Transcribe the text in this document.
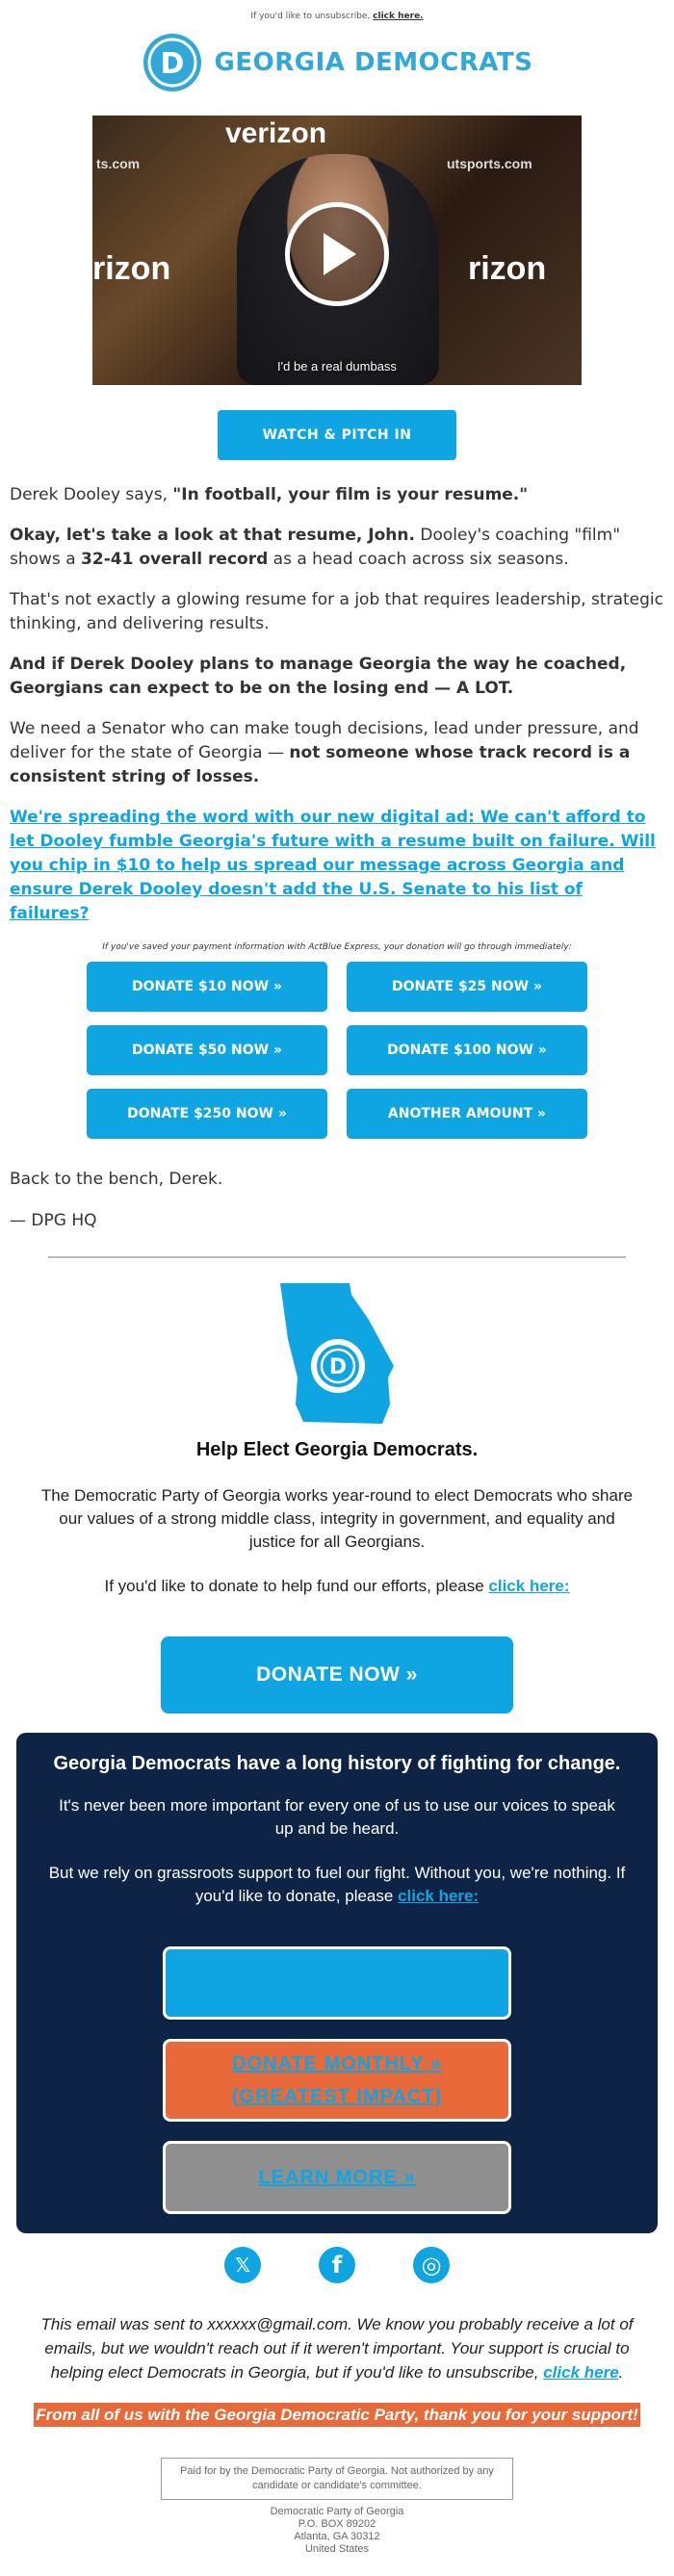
If you'd like to unsubscribe, click here.
D GEORGIA DEMOCRATS
verizon
utsports.com
ts.com
rizon	rizon
I'd be a real dumbass
WATCH & PITCH IN

Derek Dooley says, "In football, your film is your resume."

Okay, let's take a look at that resume, John. Dooley's coaching "film" shows a 32-41 overall record as a head coach across six seasons.

That's not exactly a glowing resume for a job that requires leadership, strategic thinking, and delivering results.

And if Derek Dooley plans to manage Georgia the way he coached, Georgians can expect to be on the losing end — A LOT.

We need a Senator who can make tough decisions, lead under pressure, and deliver for the state of Georgia — not someone whose track record is a consistent string of losses.

We're spreading the word with our new digital ad: We can't afford to let Dooley fumble Georgia's future with a resume built on failure. Will you chip in $10 to help us spread our message across Georgia and ensure Derek Dooley doesn't add the U.S. Senate to his list of failures?

If you've saved your payment information with ActBlue Express, your donation will go through immediately:
DONATE $10 NOW »	DONATE $25 NOW »
DONATE $50 NOW »	DONATE $100 NOW »
DONATE $250 NOW »	ANOTHER AMOUNT »

Back to the bench, Derek.

— DPG HQ

D
Help Elect Georgia Democrats.
The Democratic Party of Georgia works year-round to elect Democrats who share our values of a strong middle class, integrity in government, and equality and justice for all Georgians.
If you'd like to donate to help fund our efforts, please click here:
DONATE NOW »
Georgia Democrats have a long history of fighting for change.
It's never been more important for every one of us to use our voices to speak up and be heard.
But we rely on grassroots support to fuel our fight. Without you, we're nothing. If you'd like to donate, please click here:
DONATE ONE TIME »
DONATE MONTHLY »
(GREATEST IMPACT)
LEARN MORE »
𝕏	f	◎
This email was sent to xxxxxx@gmail.com. We know you probably receive a lot of emails, but we wouldn't reach out if it weren't important. Your support is crucial to helping elect Democrats in Georgia, but if you'd like to unsubscribe, click here.
From all of us with the Georgia Democratic Party, thank you for your support!
Paid for by the Democratic Party of Georgia. Not authorized by any candidate or candidate's committee.
Democratic Party of Georgia
P.O. BOX 89202
Atlanta, GA 30312
United States
